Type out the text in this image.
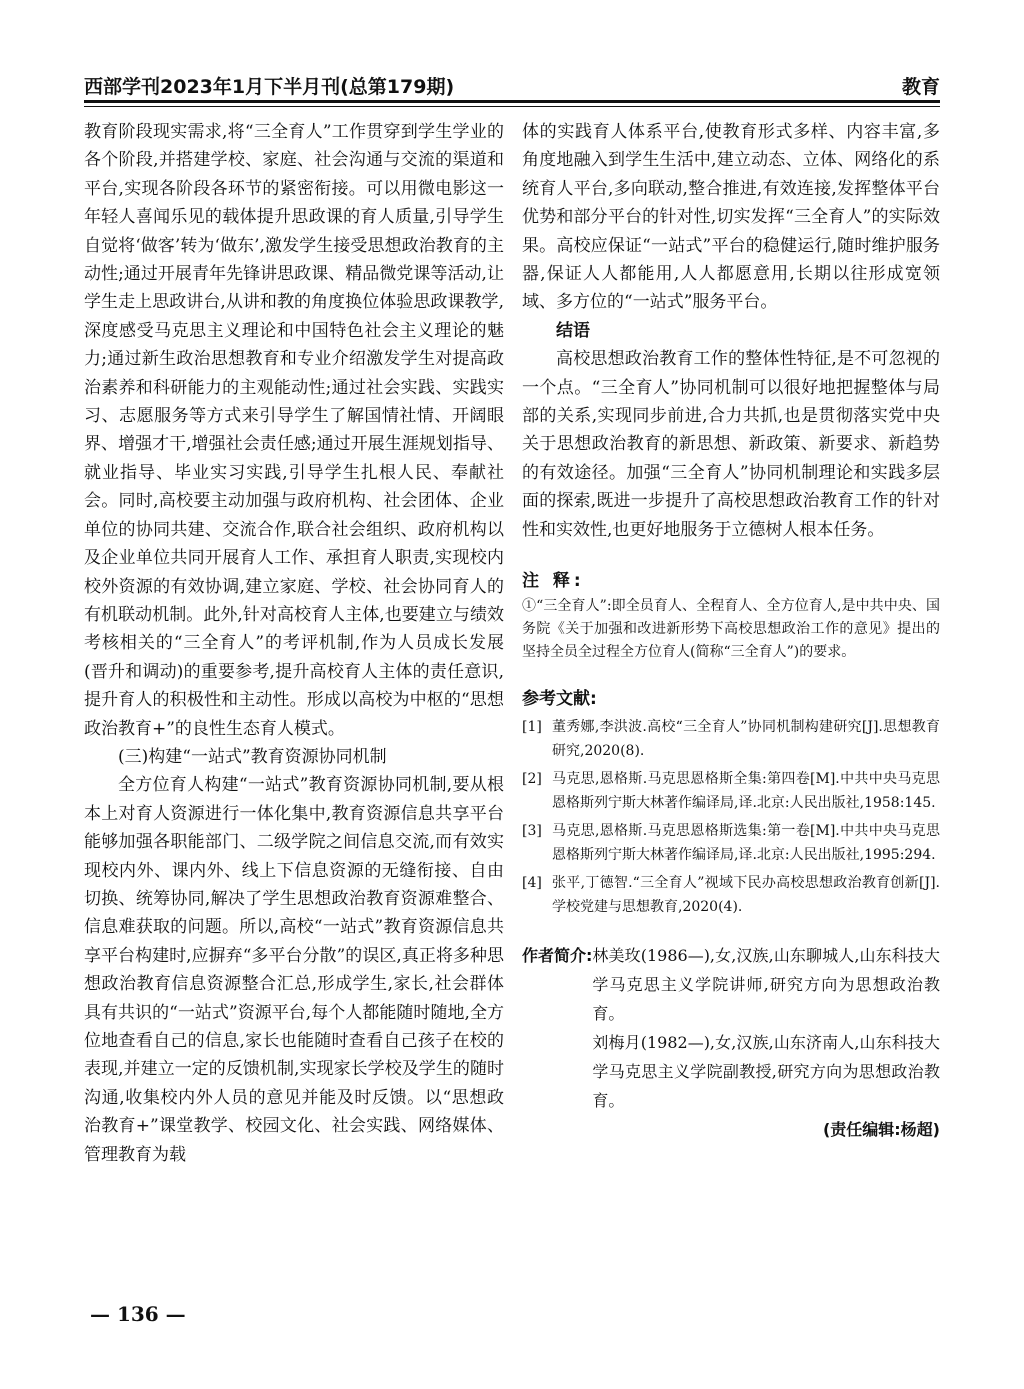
西部学刊2023年1月下半月刊(总第179期)	教育

教育阶段现实需求,将“三全育人”工作贯穿到学生学业的各个阶段,并搭建学校、家庭、社会沟通与交流的渠道和平台,实现各阶段各环节的紧密衔接。可以用微电影这一年轻人喜闻乐见的载体提升思政课的育人质量,引导学生自觉将‘做客’转为‘做东’,激发学生接受思想政治教育的主动性;通过开展青年先锋讲思政课、精品微党课等活动,让学生走上思政讲台,从讲和教的角度换位体验思政课教学,深度感受马克思主义理论和中国特色社会主义理论的魅力;通过新生政治思想教育和专业介绍激发学生对提高政治素养和科研能力的主观能动性;通过社会实践、实践实习、志愿服务等方式来引导学生了解国情社情、开阔眼界、增强才干,增强社会责任感;通过开展生涯规划指导、就业指导、毕业实习实践,引导学生扎根人民、奉献社会。同时,高校要主动加强与政府机构、社会团体、企业单位的协同共建、交流合作,联合社会组织、政府机构以及企业单位共同开展育人工作、承担育人职责,实现校内校外资源的有效协调,建立家庭、学校、社会协同育人的有机联动机制。此外,针对高校育人主体,也要建立与绩效考核相关的“三全育人”的考评机制,作为人员成长发展(晋升和调动)的重要参考,提升高校育人主体的责任意识,提升育人的积极性和主动性。形成以高校为中枢的“思想政治教育+”的良性生态育人模式。

(三)构建“一站式”教育资源协同机制

全方位育人构建“一站式”教育资源协同机制,要从根本上对育人资源进行一体化集中,教育资源信息共享平台能够加强各职能部门、二级学院之间信息交流,而有效实现校内外、课内外、线上下信息资源的无缝衔接、自由切换、统筹协同,解决了学生思想政治教育资源难整合、信息难获取的问题。所以,高校“一站式”教育资源信息共享平台构建时,应摒弃“多平台分散”的误区,真正将多种思想政治教育信息资源整合汇总,形成学生,家长,社会群体具有共识的“一站式”资源平台,每个人都能随时随地,全方位地查看自己的信息,家长也能随时查看自己孩子在校的表现,并建立一定的反馈机制,实现家长学校及学生的随时沟通,收集校内外人员的意见并能及时反馈。以“思想政治教育+”课堂教学、校园文化、社会实践、网络媒体、管理教育为载

体的实践育人体系平台,使教育形式多样、内容丰富,多角度地融入到学生生活中,建立动态、立体、网络化的系统育人平台,多向联动,整合推进,有效连接,发挥整体平台优势和部分平台的针对性,切实发挥“三全育人”的实际效果。高校应保证“一站式”平台的稳健运行,随时维护服务器,保证人人都能用,人人都愿意用,长期以往形成宽领域、多方位的“一站式”服务平台。

结语

高校思想政治教育工作的整体性特征,是不可忽视的一个点。“三全育人”协同机制可以很好地把握整体与局部的关系,实现同步前进,合力共抓,也是贯彻落实党中央关于思想政治教育的新思想、新政策、新要求、新趋势的有效途径。加强“三全育人”协同机制理论和实践多层面的探索,既进一步提升了高校思想政治教育工作的针对性和实效性,也更好地服务于立德树人根本任务。

注 释:

①“三全育人”:即全员育人、全程育人、全方位育人,是中共中央、国务院《关于加强和改进新形势下高校思想政治工作的意见》提出的坚持全员全过程全方位育人(简称“三全育人”)的要求。

参考文献:
[1] 董秀娜,李洪波.高校“三全育人”协同机制构建研究[J].思想教育研究,2020(8).
[2] 马克思,恩格斯.马克思恩格斯全集:第四卷[M].中共中央马克思恩格斯列宁斯大林著作编译局,译.北京:人民出版社,1958:145.
[3] 马克思,恩格斯.马克思恩格斯选集:第一卷[M].中共中央马克思恩格斯列宁斯大林著作编译局,译.北京:人民出版社,1995:294.
[4] 张平,丁德智.“三全育人”视域下民办高校思想政治教育创新[J].学校党建与思想教育,2020(4).
作者简介: 林美玫(1986—),女,汉族,山东聊城人,山东科技大学马克思主义学院讲师,研究方向为思想政治教育。

刘梅月(1982—),女,汉族,山东济南人,山东科技大学马克思主义学院副教授,研究方向为思想政治教育。

(责任编辑:杨超)
— 136 —
